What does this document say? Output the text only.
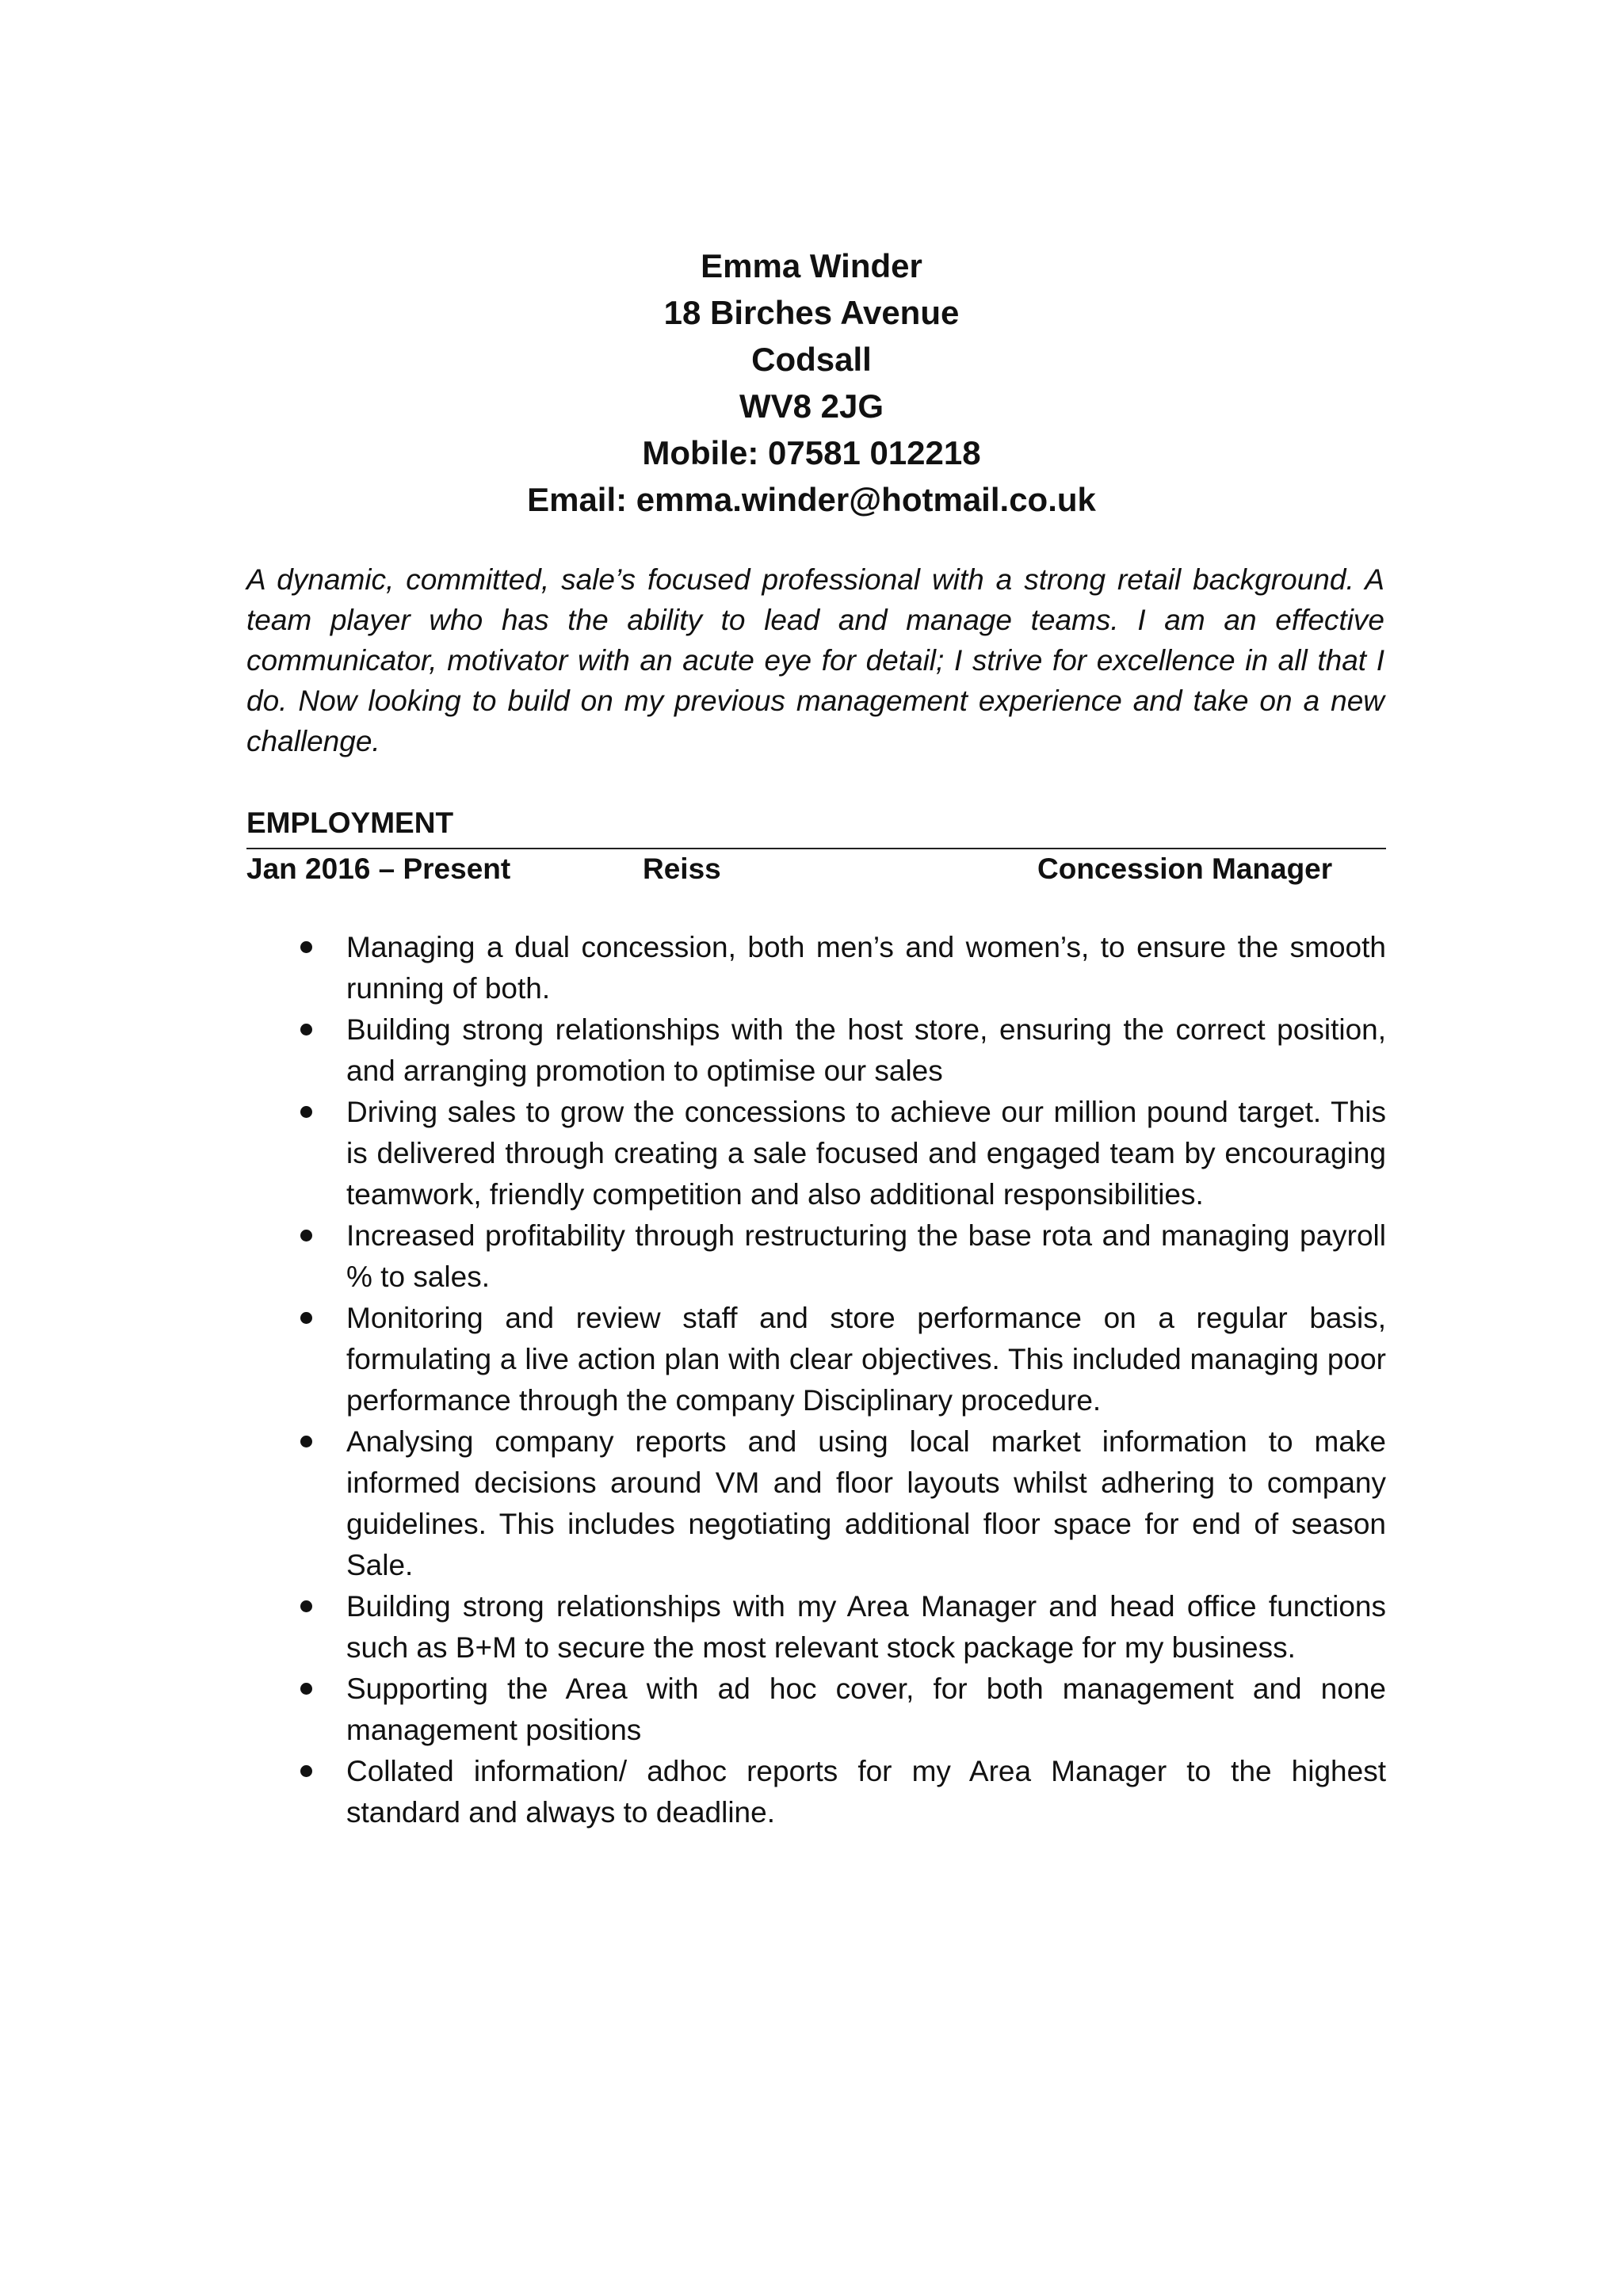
Emma Winder

18 Birches Avenue

Codsall

WV8 2JG

Mobile: 07581 012218

Email: emma.winder@hotmail.co.uk

A dynamic, committed, sale’s focused professional with a strong retail background. A team player who has the ability to lead and manage teams. I am an effective communicator, motivator with an acute eye for detail; I strive for excellence in all that I do. Now looking to build on my previous management experience and take on a new challenge.

EMPLOYMENT

Jan 2016 – Present	Reiss	Concession Manager
Managing a dual concession, both men’s and women’s, to ensure the smooth running of both.
Building strong relationships with the host store, ensuring the correct position, and arranging promotion to optimise our sales
Driving sales to grow the concessions to achieve our million pound target. This is delivered through creating a sale focused and engaged team by encouraging teamwork, friendly competition and also additional responsibilities.
Increased profitability through restructuring the base rota and managing payroll % to sales.
Monitoring and review staff and store performance on a regular basis, formulating a live action plan with clear objectives. This included managing poor performance through the company Disciplinary procedure.
Analysing company reports and using local market information to make informed decisions around VM and floor layouts whilst adhering to company guidelines. This includes negotiating additional floor space for end of season Sale.
Building strong relationships with my Area Manager and head office functions such as B+M to secure the most relevant stock package for my business.
Supporting the Area with ad hoc cover, for both management and none management positions
Collated information/ adhoc reports for my Area Manager to the highest standard and always to deadline.
